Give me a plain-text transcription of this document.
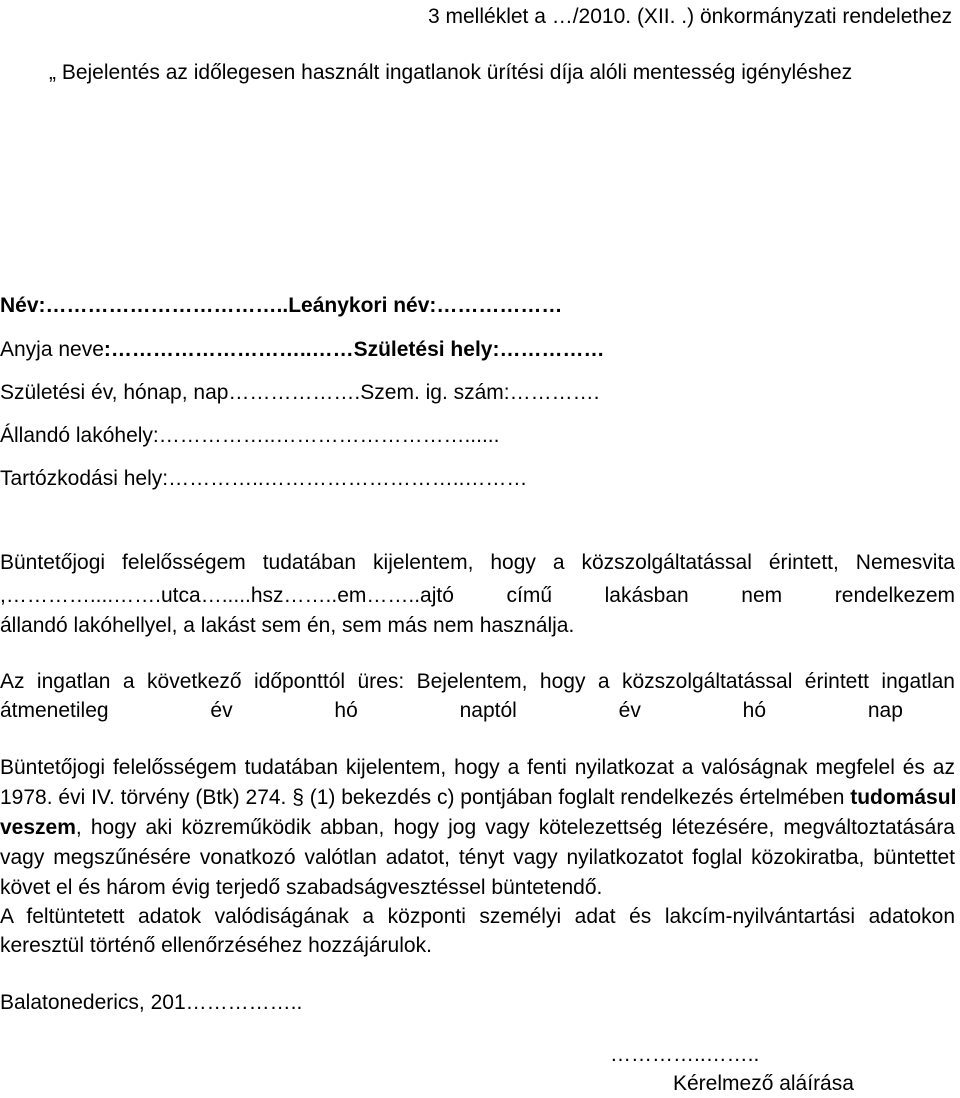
3 melléklet a …/2010. (XII. .) önkormányzati rendelethez
„ Bejelentés az időlegesen használt ingatlanok ürítési díja alóli mentesség igényléshez
Név:……………………………..Leánykori név:………………
Anyja neve:………………………..……Születési hely:……………
Születési év, hónap, nap……………….Szem. ig. szám:………….
Állandó lakóhely:……………..………………………......
Tartózkodási hely:…………..………………………..………
Büntetőjogi felelősségem tudatában kijelentem, hogy a közszolgáltatással érintett, Nemesvita
,…………....…….utca….....hsz……..em……..ajtó című lakásban nem rendelkezem
állandó lakóhellyel, a lakást sem én, sem más nem használja.
Az ingatlan a következő időponttól üres: Bejelentem, hogy a közszolgáltatással érintett ingatlan
átmenetileg év hó naptól év hó nap
Büntetőjogi felelősségem tudatában kijelentem, hogy a fenti nyilatkozat a valóságnak megfelel és az
1978. évi IV. törvény (Btk) 274. § (1) bekezdés c) pontjában foglalt rendelkezés értelmében tudomásul
veszem, hogy aki közreműködik abban, hogy jog vagy kötelezettség létezésére, megváltoztatására
vagy megszűnésére vonatkozó valótlan adatot, tényt vagy nyilatkozatot foglal közokiratba, büntettet
követ el és három évig terjedő szabadságvesztéssel büntetendő.
A feltüntetett adatok valódiságának a központi személyi adat és lakcím-nyilvántartási adatokon
keresztül történő ellenőrzéséhez hozzájárulok.
Balatonederics, 201……………..
…………..……..
Kérelmező aláírása
